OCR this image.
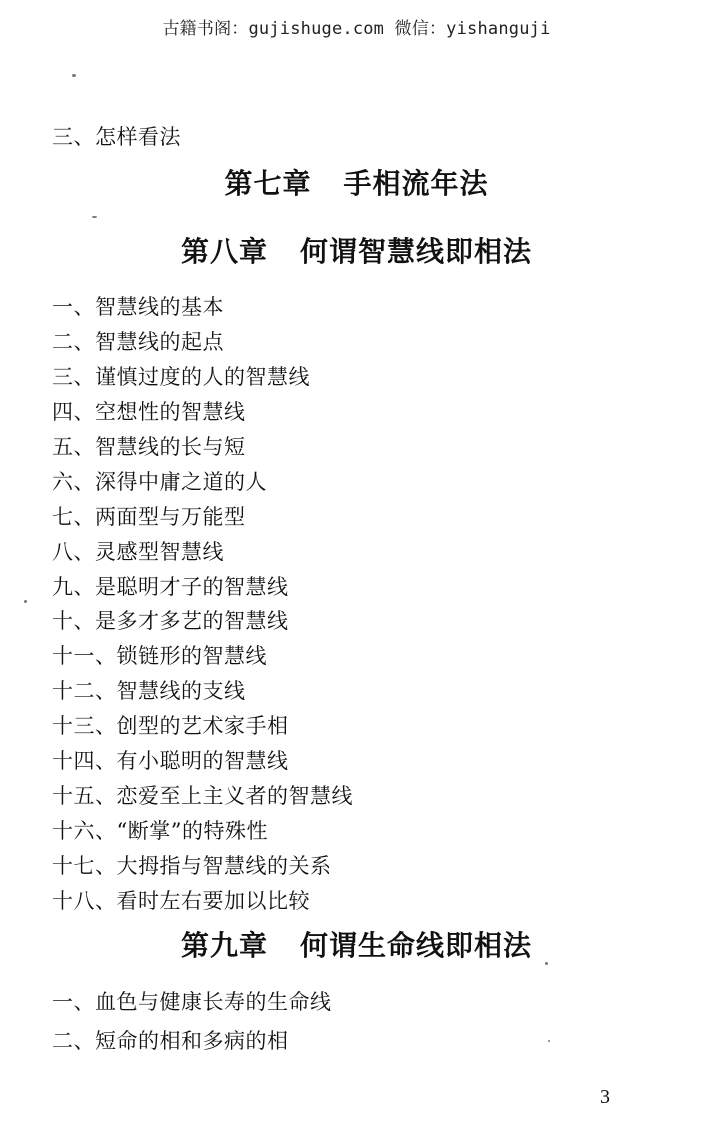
古籍书阁：gujishuge.com 微信：yishanguji
三、怎样看法
第七章 手相流年法
第八章 何谓智慧线即相法
一、智慧线的基本
二、智慧线的起点
三、谨慎过度的人的智慧线
四、空想性的智慧线
五、智慧线的长与短
六、深得中庸之道的人
七、两面型与万能型
八、灵感型智慧线
九、是聪明才子的智慧线
十、是多才多艺的智慧线
十一、锁链形的智慧线
十二、智慧线的支线
十三、创型的艺术家手相
十四、有小聪明的智慧线
十五、恋爱至上主义者的智慧线
十六、“断掌”的特殊性
十七、大拇指与智慧线的关系
十八、看时左右要加以比较
第九章 何谓生命线即相法
一、血色与健康长寿的生命线
二、短命的相和多病的相
3
